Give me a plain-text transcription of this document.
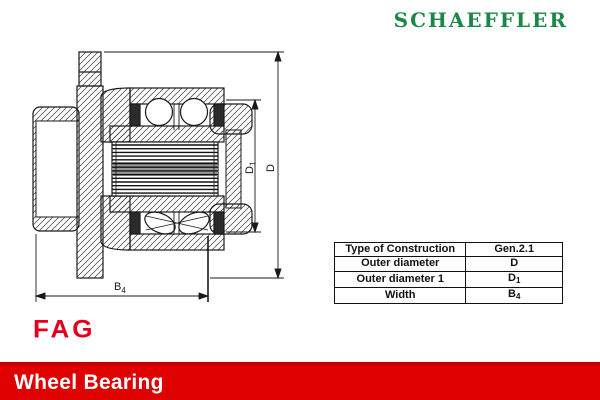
SCHAEFFLER
$D_1$
D
$B_4$
Type of Construction	Gen.2.1
Outer diameter	D
Outer diameter 1	$D_1$
Width	$B_4$
FAG
Wheel Bearing
